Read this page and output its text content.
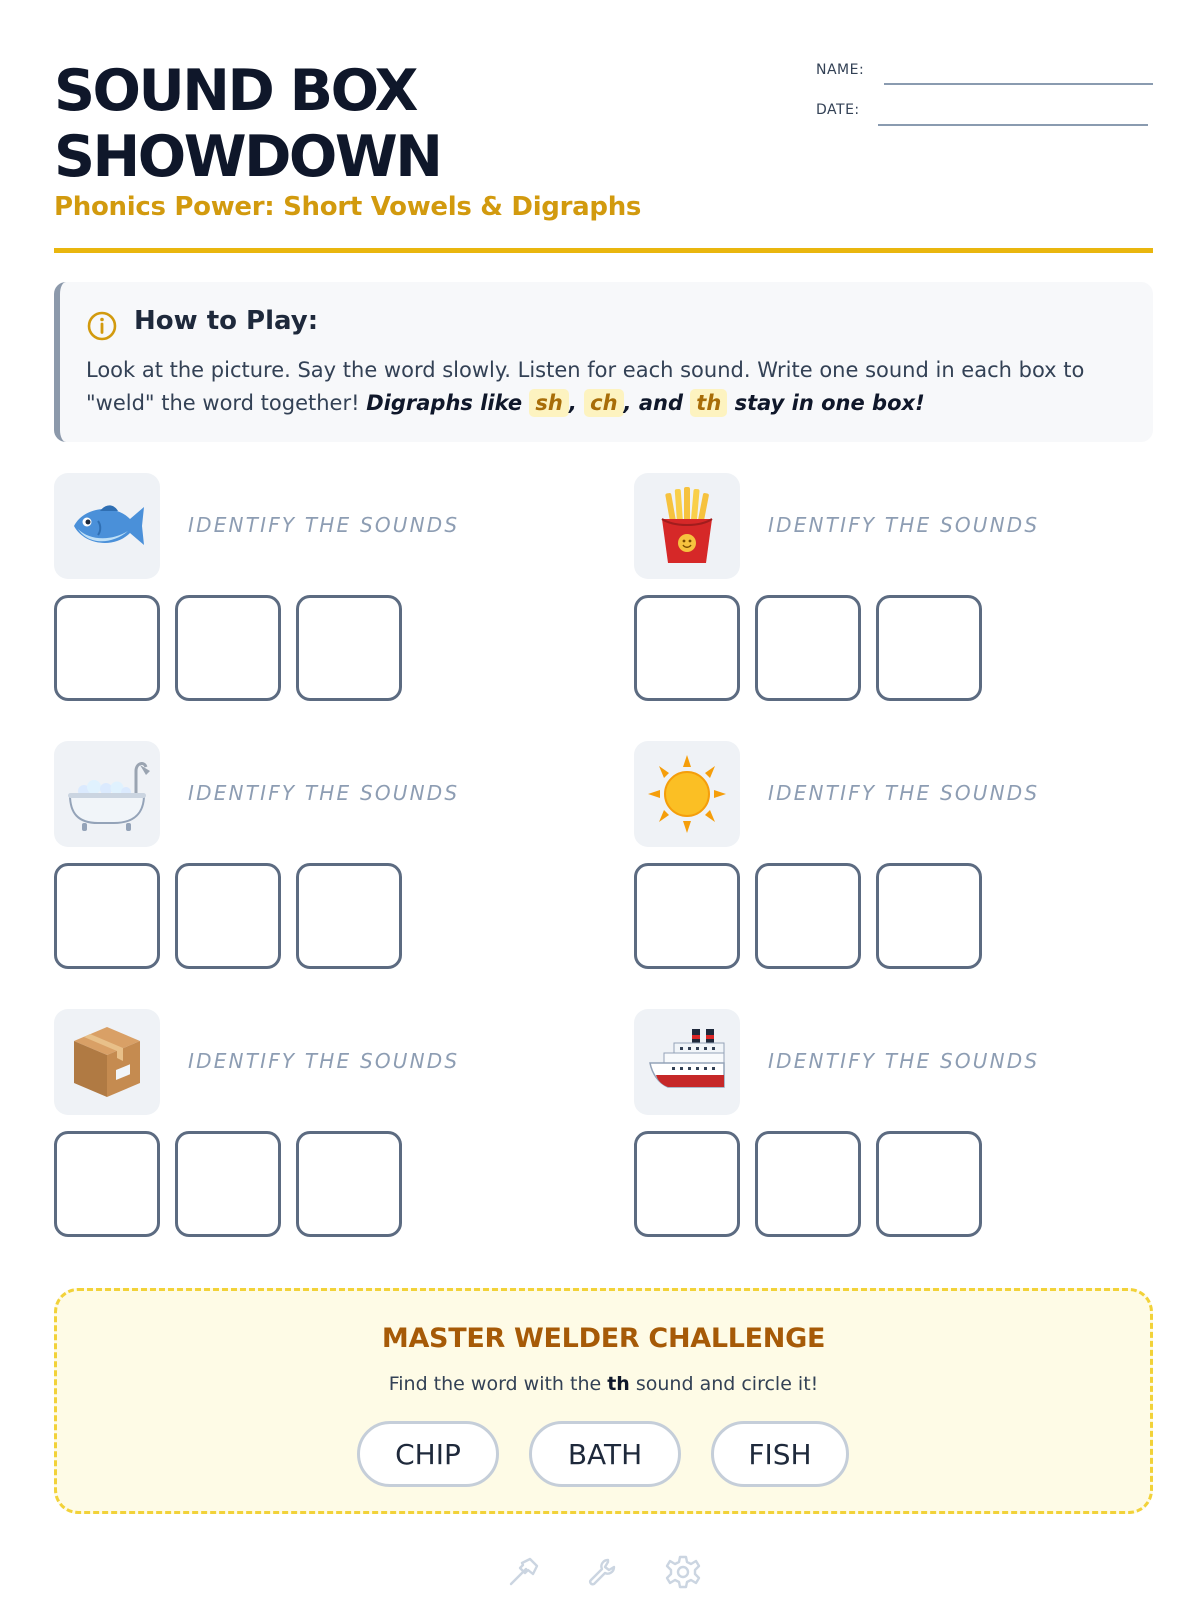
SOUND BOX SHOWDOWN
Phonics Power: Short Vowels & Digraphs
NAME:
DATE:
How to Play:
Look at the picture. Say the word slowly. Listen for each sound. Write one sound in each box to "weld" the word together! Digraphs like sh , ch , and th stay in one box!
IDENTIFY THE SOUNDS	IDENTIFY THE SOUNDS
IDENTIFY THE SOUNDS	IDENTIFY THE SOUNDS
IDENTIFY THE SOUNDS	IDENTIFY THE SOUNDS
MASTER WELDER CHALLENGE
Find the word with the th sound and circle it!
CHIP	BATH	FISH
